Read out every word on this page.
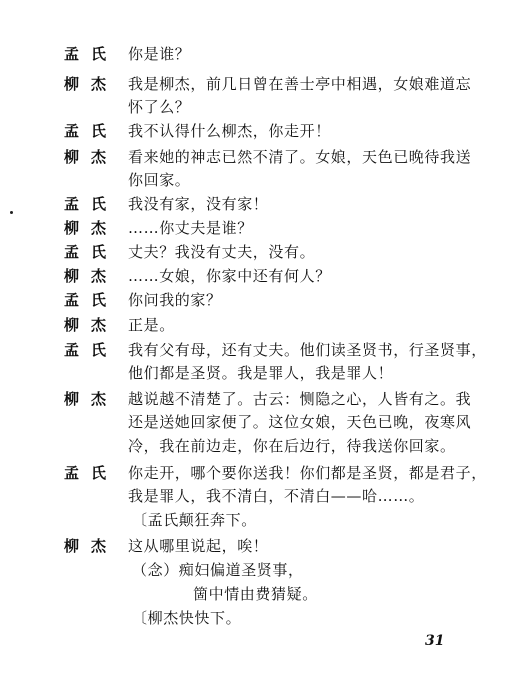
孟氏 你是谁？
柳杰 我是柳杰，前几日曾在善士亭中相遇，女娘难道忘
怀了么？
孟氏 我不认得什么柳杰，你走开！
柳杰 看来她的神志已然不清了。女娘，天色已晚待我送
你回家。
孟氏 我没有家，没有家！
柳杰 ……你丈夫是谁？
孟氏 丈夫？我没有丈夫，没有。
柳杰 ……女娘，你家中还有何人？
孟氏 你问我的家？
柳杰 正是。
孟氏 我有父有母，还有丈夫。他们读圣贤书，行圣贤事，
他们都是圣贤。我是罪人，我是罪人！
柳杰 越说越不清楚了。古云：恻隐之心，人皆有之。我
还是送她回家便了。这位女娘，天色已晚，夜寒风
冷，我在前边走，你在后边行，待我送你回家。
孟氏 你走开，哪个要你送我！你们都是圣贤，都是君子，
我是罪人，我不清白，不清白——哈……。
〔孟氏颠狂奔下。
柳杰 这从哪里说起，唉！
（念）痴妇偏道圣贤事，
箇中情由费猜疑。
〔柳杰快快下。
31
